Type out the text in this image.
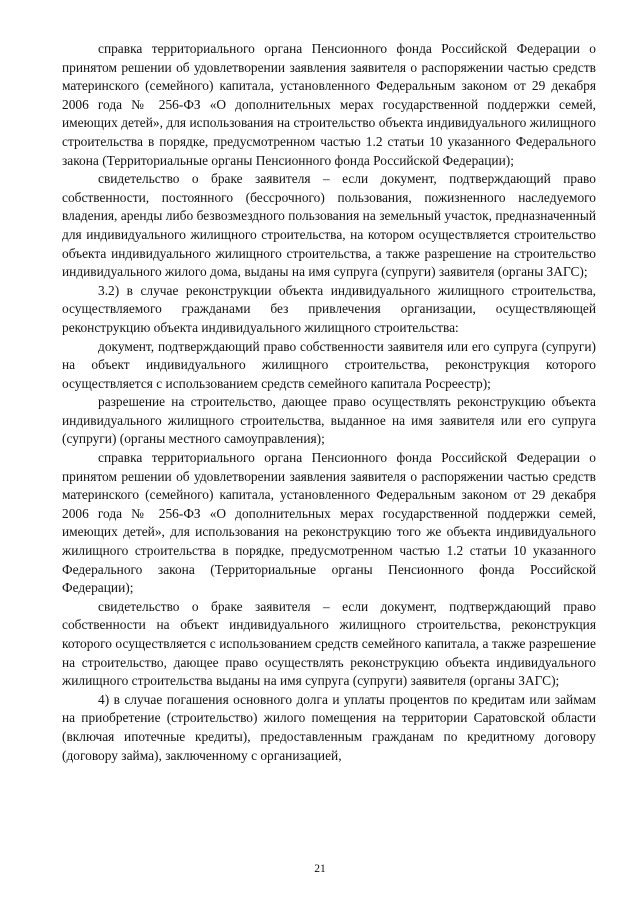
справка территориального органа Пенсионного фонда Российской Федерации о принятом решении об удовлетворении заявления заявителя о распоряжении частью средств материнского (семейного) капитала, установленного Федеральным законом от 29 декабря 2006 года № 256-ФЗ «О дополнительных мерах государственной поддержки семей, имеющих детей», для использования на строительство объекта индивидуального жилищного строительства в порядке, предусмотренном частью 1.2 статьи 10 указанного Федерального закона (Территориальные органы Пенсионного фонда Российской Федерации);

свидетельство о браке заявителя – если документ, подтверждающий право собственности, постоянного (бессрочного) пользования, пожизненного наследуемого владения, аренды либо безвозмездного пользования на земельный участок, предназначенный для индивидуального жилищного строительства, на котором осуществляется строительство объекта индивидуального жилищного строительства, а также разрешение на строительство индивидуального жилого дома, выданы на имя супруга (супруги) заявителя (органы ЗАГС);

3.2) в случае реконструкции объекта индивидуального жилищного строительства, осуществляемого гражданами без привлечения организации, осуществляющей реконструкцию объекта индивидуального жилищного строительства:

документ, подтверждающий право собственности заявителя или его супруга (супруги) на объект индивидуального жилищного строительства, реконструкция которого осуществляется с использованием средств семейного капитала Росреестр);

разрешение на строительство, дающее право осуществлять реконструкцию объекта индивидуального жилищного строительства, выданное на имя заявителя или его супруга (супруги) (органы местного самоуправления);

справка территориального органа Пенсионного фонда Российской Федерации о принятом решении об удовлетворении заявления заявителя о распоряжении частью средств материнского (семейного) капитала, установленного Федеральным законом от 29 декабря 2006 года № 256-ФЗ «О дополнительных мерах государственной поддержки семей, имеющих детей», для использования на реконструкцию того же объекта индивидуального жилищного строительства в порядке, предусмотренном частью 1.2 статьи 10 указанного Федерального закона (Территориальные органы Пенсионного фонда Российской Федерации);

свидетельство о браке заявителя – если документ, подтверждающий право собственности на объект индивидуального жилищного строительства, реконструкция которого осуществляется с использованием средств семейного капитала, а также разрешение на строительство, дающее право осуществлять реконструкцию объекта индивидуального жилищного строительства выданы на имя супруга (супруги) заявителя (органы ЗАГС);

4) в случае погашения основного долга и уплаты процентов по кредитам или займам на приобретение (строительство) жилого помещения на территории Саратовской области (включая ипотечные кредиты), предоставленным гражданам по кредитному договору (договору займа), заключенному с организацией,

21
